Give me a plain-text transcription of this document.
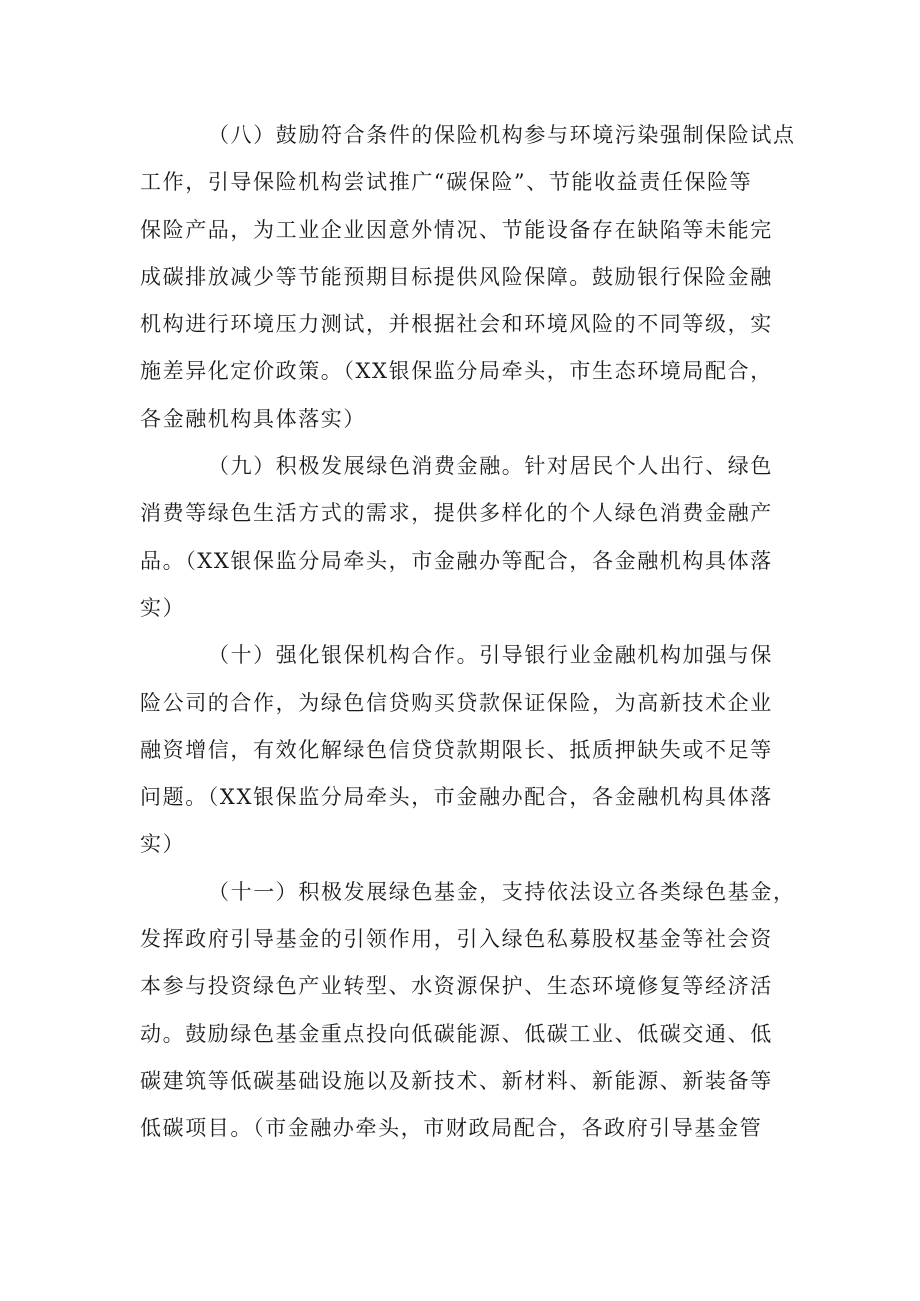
（八）鼓励符合条件的保险机构参与环境污染强制保险试点
工作，引导保险机构尝试推广“碳保险”、节能收益责任保险等
保险产品，为工业企业因意外情况、节能设备存在缺陷等未能完
成碳排放减少等节能预期目标提供风险保障。鼓励银行保险金融
机构进行环境压力测试，并根据社会和环境风险的不同等级，实
施差异化定价政策。（XX银保监分局牵头，市生态环境局配合，
各金融机构具体落实）

（九）积极发展绿色消费金融。针对居民个人出行、绿色
消费等绿色生活方式的需求，提供多样化的个人绿色消费金融产
品。（XX银保监分局牵头，市金融办等配合，各金融机构具体落
实）

（十）强化银保机构合作。引导银行业金融机构加强与保
险公司的合作，为绿色信贷购买贷款保证保险，为高新技术企业
融资增信，有效化解绿色信贷贷款期限长、抵质押缺失或不足等
问题。（XX银保监分局牵头，市金融办配合，各金融机构具体落
实）

（十一）积极发展绿色基金，支持依法设立各类绿色基金，
发挥政府引导基金的引领作用，引入绿色私募股权基金等社会资
本参与投资绿色产业转型、水资源保护、生态环境修复等经济活
动。鼓励绿色基金重点投向低碳能源、低碳工业、低碳交通、低
碳建筑等低碳基础设施以及新技术、新材料、新能源、新装备等
低碳项目。（市金融办牵头，市财政局配合，各政府引导基金管
